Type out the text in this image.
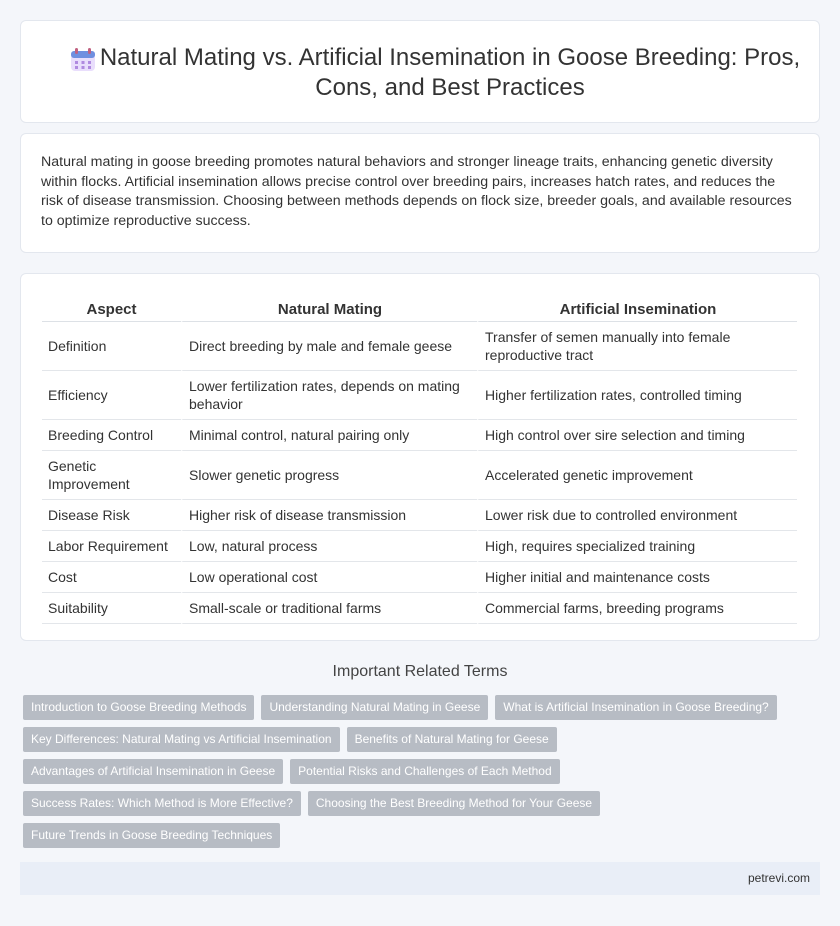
Natural Mating vs. Artificial Insemination in Goose Breeding: Pros, Cons, and Best Practices

Natural mating in goose breeding promotes natural behaviors and stronger lineage traits, enhancing genetic diversity within flocks. Artificial insemination allows precise control over breeding pairs, increases hatch rates, and reduces the risk of disease transmission. Choosing between methods depends on flock size, breeder goals, and available resources to optimize reproductive success.

Aspect	Natural Mating	Artificial Insemination
Definition	Direct breeding by male and female geese	Transfer of semen manually into female reproductive tract
Efficiency	Lower fertilization rates, depends on mating behavior	Higher fertilization rates, controlled timing
Breeding Control	Minimal control, natural pairing only	High control over sire selection and timing
Genetic Improvement	Slower genetic progress	Accelerated genetic improvement
Disease Risk	Higher risk of disease transmission	Lower risk due to controlled environment
Labor Requirement	Low, natural process	High, requires specialized training
Cost	Low operational cost	Higher initial and maintenance costs
Suitability	Small-scale or traditional farms	Commercial farms, breeding programs
Important Related Terms
Introduction to Goose Breeding Methods	Understanding Natural Mating in Geese	What is Artificial Insemination in Goose Breeding?
Key Differences: Natural Mating vs Artificial Insemination	Benefits of Natural Mating for Geese
Advantages of Artificial Insemination in Geese	Potential Risks and Challenges of Each Method
Success Rates: Which Method is More Effective?	Choosing the Best Breeding Method for Your Geese
Future Trends in Goose Breeding Techniques
petrevi.com
